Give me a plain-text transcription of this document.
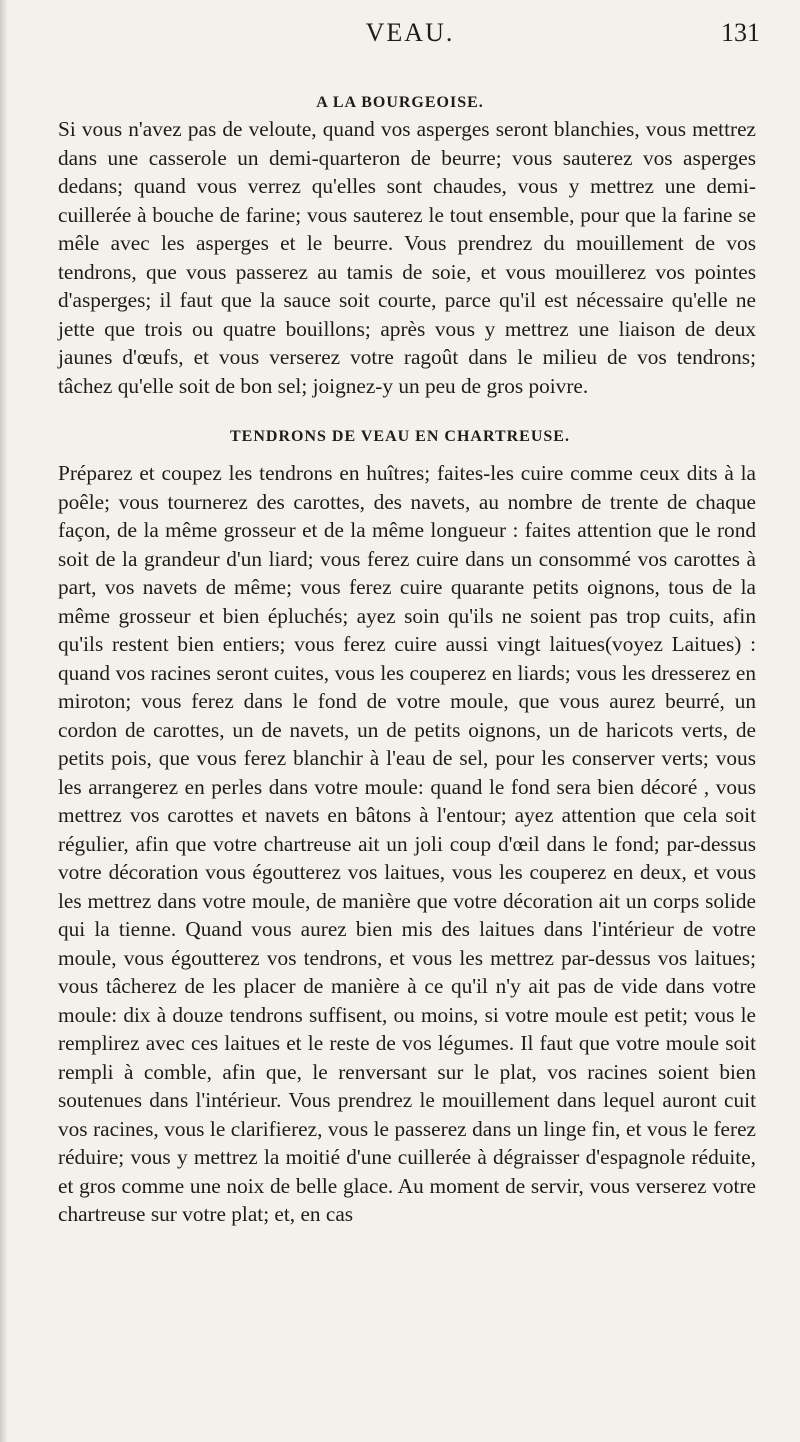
VEAU.	131
A LA BOURGEOISE.

Si vous n'avez pas de veloute, quand vos asperges seront blanchies, vous mettrez dans une casserole un demi-quarteron de beurre; vous sauterez vos asperges dedans; quand vous verrez qu'elles sont chaudes, vous y mettrez une demi-cuillerée à bouche de farine; vous sauterez le tout ensemble, pour que la farine se mêle avec les asperges et le beurre. Vous prendrez du mouillement de vos tendrons, que vous passerez au tamis de soie, et vous mouillerez vos pointes d'asperges; il faut que la sauce soit courte, parce qu'il est nécessaire qu'elle ne jette que trois ou quatre bouillons; après vous y mettrez une liaison de deux jaunes d'œufs, et vous verserez votre ragoût dans le milieu de vos tendrons; tâchez qu'elle soit de bon sel; joignez-y un peu de gros poivre.

TENDRONS DE VEAU EN CHARTREUSE.

Préparez et coupez les tendrons en huîtres; faites-les cuire comme ceux dits à la poêle; vous tournerez des carottes, des navets, au nombre de trente de chaque façon, de la même grosseur et de la même longueur : faites attention que le rond soit de la grandeur d'un liard; vous ferez cuire dans un consommé vos carottes à part, vos navets de même; vous ferez cuire quarante petits oignons, tous de la même grosseur et bien épluchés; ayez soin qu'ils ne soient pas trop cuits, afin qu'ils restent bien entiers; vous ferez cuire aussi vingt laitues(voyez Laitues) : quand vos racines seront cuites, vous les couperez en liards; vous les dresserez en miroton; vous ferez dans le fond de votre moule, que vous aurez beurré, un cordon de carottes, un de navets, un de petits oignons, un de haricots verts, de petits pois, que vous ferez blanchir à l'eau de sel, pour les conserver verts; vous les arrangerez en perles dans votre moule: quand le fond sera bien décoré , vous mettrez vos carottes et navets en bâtons à l'entour; ayez attention que cela soit régulier, afin que votre chartreuse ait un joli coup d'œil dans le fond; par-dessus votre décoration vous égoutterez vos laitues, vous les couperez en deux, et vous les mettrez dans votre moule, de manière que votre décoration ait un corps solide qui la tienne. Quand vous aurez bien mis des laitues dans l'intérieur de votre moule, vous égoutterez vos tendrons, et vous les mettrez par-dessus vos laitues; vous tâcherez de les placer de manière à ce qu'il n'y ait pas de vide dans votre moule: dix à douze tendrons suffisent, ou moins, si votre moule est petit; vous le remplirez avec ces laitues et le reste de vos légumes. Il faut que votre moule soit rempli à comble, afin que, le renversant sur le plat, vos racines soient bien soutenues dans l'intérieur. Vous prendrez le mouillement dans lequel auront cuit vos racines, vous le clarifierez, vous le passerez dans un linge fin, et vous le ferez réduire; vous y mettrez la moitié d'une cuillerée à dégraisser d'espagnole réduite, et gros comme une noix de belle glace. Au moment de servir, vous verserez votre chartreuse sur votre plat; et, en cas
